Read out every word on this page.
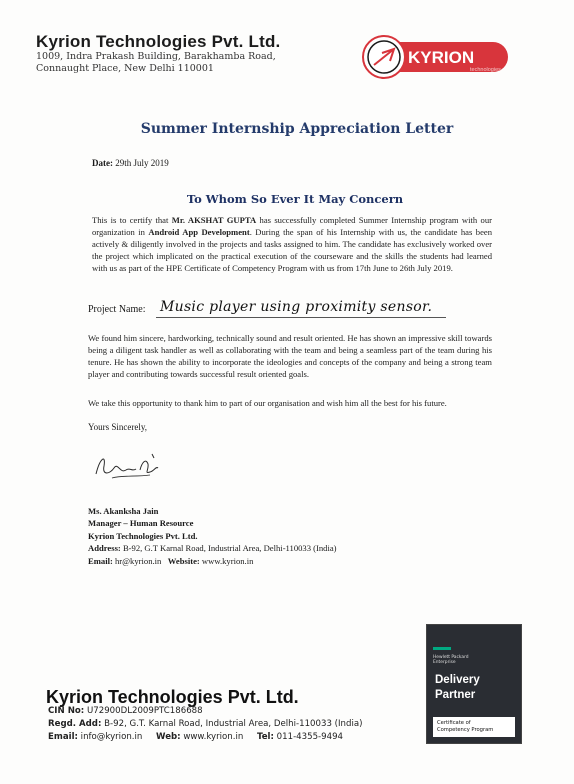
Kyrion Technologies Pvt. Ltd.
1009, Indra Prakash Building, Barakhamba Road,
Connaught Place, New Delhi 110001
KYRION
technologies
Summer Internship Appreciation Letter
Date: 29th July 2019
To Whom So Ever It May Concern
This is to certify that Mr. AKSHAT GUPTA has successfully completed Summer Internship program with our organization in Android App Development. During the span of his Internship with us, the candidate has been actively & diligently involved in the projects and tasks assigned to him. The candidate has exclusively worked over the project which implicated on the practical execution of the courseware and the skills the students had learned with us as part of the HPE Certificate of Competency Program with us from 17th June to 26th July 2019.
Project Name: Music player using proximity sensor.
We found him sincere, hardworking, technically sound and result oriented. He has shown an impressive skill towards being a diligent task handler as well as collaborating with the team and being a seamless part of the team during his tenure. He has shown the ability to incorporate the ideologies and concepts of the company and being a strong team player and contributing towards successful result oriented goals.
We take this opportunity to thank him to part of our organisation and wish him all the best for his future.
Yours Sincerely,
Ms. Akanksha Jain
Manager – Human Resource
Kyrion Technologies Pvt. Ltd.
Address: B-92, G.T Karnal Road, Industrial Area, Delhi-110033 (India)
Email: hr@kyrion.in Website: www.kyrion.in
Hewlett Packard
Enterprise
Delivery
Partner
Certificate of
Competency Program
Kyrion Technologies Pvt. Ltd.
CIN No: U72900DL2009PTC186688
Regd. Add: B-92, G.T. Karnal Road, Industrial Area, Delhi-110033 (India)
Email: info@kyrion.in Web: www.kyrion.in Tel: 011-4355-9494
